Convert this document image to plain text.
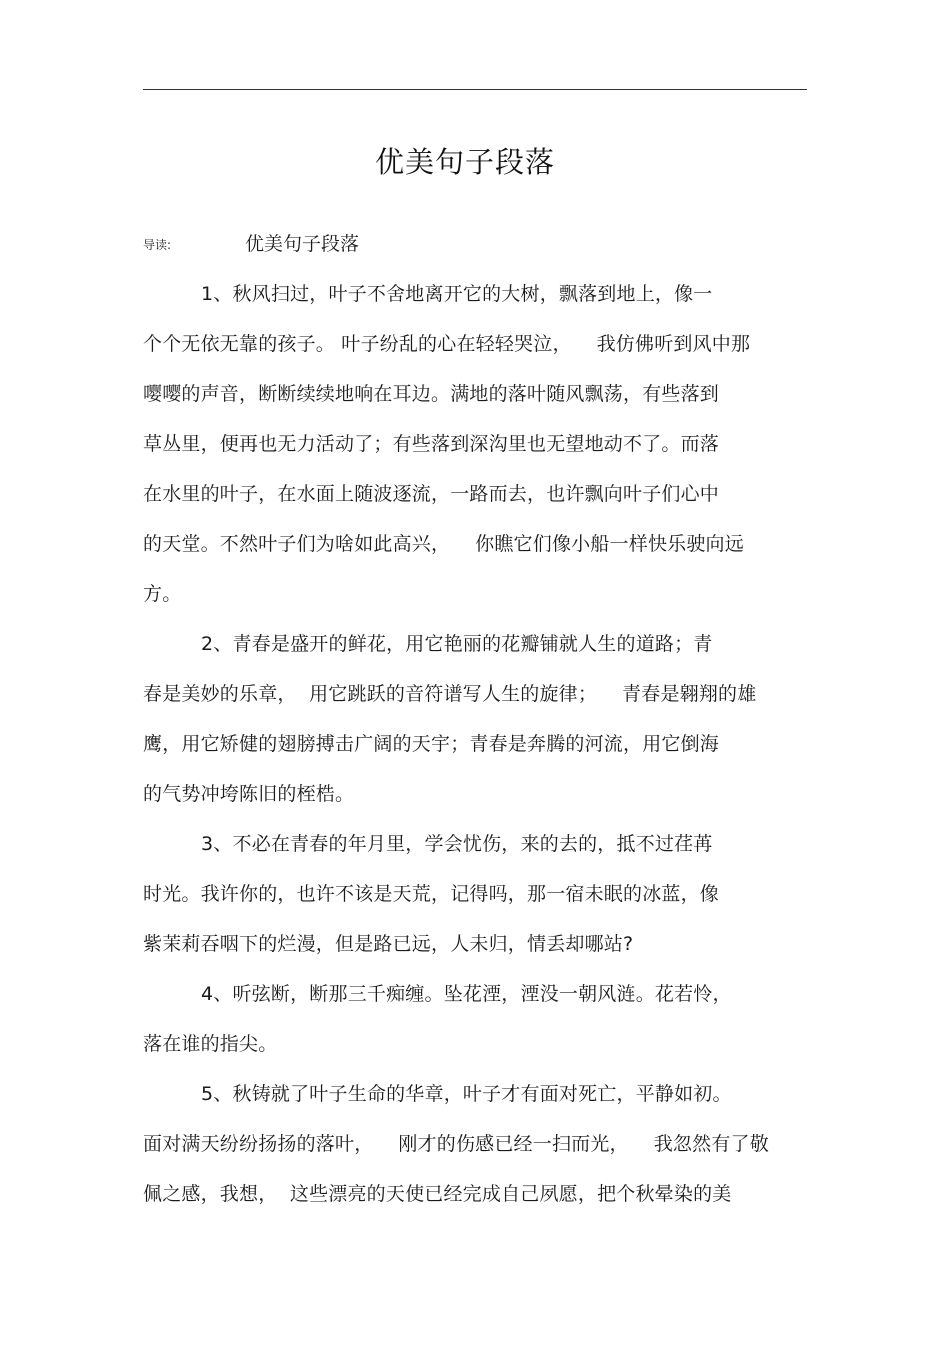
优美句子段落
导读:	优美句子段落
1、秋风扫过，叶子不舍地离开它的大树，飘落到地上，像一
个个无依无靠的孩子。 叶子纷乱的心在轻轻哭泣，    我仿佛听到风中那
嘤嘤的声音，断断续续地响在耳边。满地的落叶随风飘荡，有些落到
草丛里，便再也无力活动了；有些落到深沟里也无望地动不了。而落
在水里的叶子，在水面上随波逐流，一路而去，也许飘向叶子们心中
的天堂。不然叶子们为啥如此高兴，    你瞧它们像小船一样快乐驶向远
方。
2、青春是盛开的鲜花，用它艳丽的花瓣铺就人生的道路；青
春是美妙的乐章，  用它跳跃的音符谱写人生的旋律；    青春是翱翔的雄
鹰，用它矫健的翅膀搏击广阔的天宇；青春是奔腾的河流，用它倒海
的气势冲垮陈旧的桎梏。
3、不必在青春的年月里，学会忧伤，来的去的，抵不过荏苒
时光。我许你的，也许不该是天荒，记得吗，那一宿未眠的冰蓝，像
紫茉莉吞咽下的烂漫，但是路已远，人未归，情丢却哪站?
4、听弦断，断那三千痴缠。坠花湮，湮没一朝风涟。花若怜，
落在谁的指尖。
5、秋铸就了叶子生命的华章，叶子才有面对死亡，平静如初。
面对满天纷纷扬扬的落叶，    刚才的伤感已经一扫而光，    我忽然有了敬
佩之感，我想，  这些漂亮的天使已经完成自己夙愿，把个秋晕染的美
